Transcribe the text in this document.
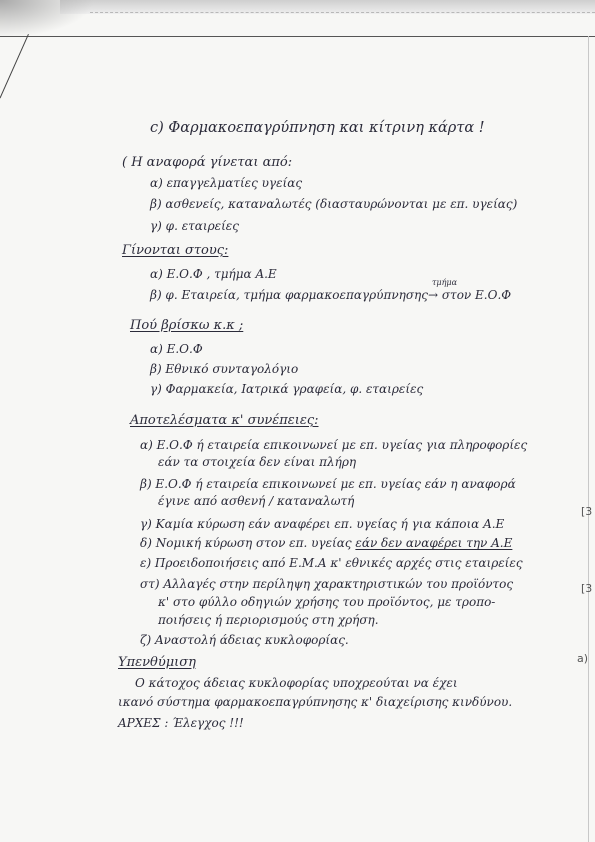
[3
[3
a)
c) Φαρμακοεπαγρύπνηση και κίτρινη κάρτα !
( Η αναφορά γίνεται από:
α) επαγγελματίες υγείας
β) ασθενείς, καταναλωτές (διασταυρώνονται με επ. υγείας)
γ) φ. εταιρείες
Γίνονται στους:
α) Ε.Ο.Φ , τμήμα Α.Ε
τμήμα
β) φ. Εταιρεία, τμήμα φαρμακοεπαγρύπνησης → στον Ε.Ο.Φ
Πού βρίσκω κ.κ ;
α) Ε.Ο.Φ
β) Εθνικό συνταγολόγιο
γ) Φαρμακεία, Ιατρικά γραφεία, φ. εταιρείες
Αποτελέσματα κ' συνέπειες:
α) Ε.Ο.Φ ή εταιρεία επικοινωνεί με επ. υγείας για πληροφορίες
εάν τα στοιχεία δεν είναι πλήρη
β) Ε.Ο.Φ ή εταιρεία επικοινωνεί με επ. υγείας εάν η αναφορά
έγινε από ασθενή / καταναλωτή
γ) Καμία κύρωση εάν αναφέρει επ. υγείας ή για κάποια Α.Ε
δ) Νομική κύρωση στον επ. υγείας εάν δεν αναφέρει την Α.Ε
ε) Προειδοποιήσεις από Ε.Μ.Α κ' εθνικές αρχές στις εταιρείες
στ) Αλλαγές στην περίληψη χαρακτηριστικών του προϊόντος
κ' στο φύλλο οδηγιών χρήσης του προϊόντος, με τροπο-
ποιήσεις ή περιορισμούς στη χρήση.
ζ) Αναστολή άδειας κυκλοφορίας.
Υπενθύμιση
Ο κάτοχος άδειας κυκλοφορίας υποχρεούται να έχει
ικανό σύστημα φαρμακοεπαγρύπνησης κ' διαχείρισης κινδύνου.
ΑΡΧΕΣ : Έλεγχος !!!
